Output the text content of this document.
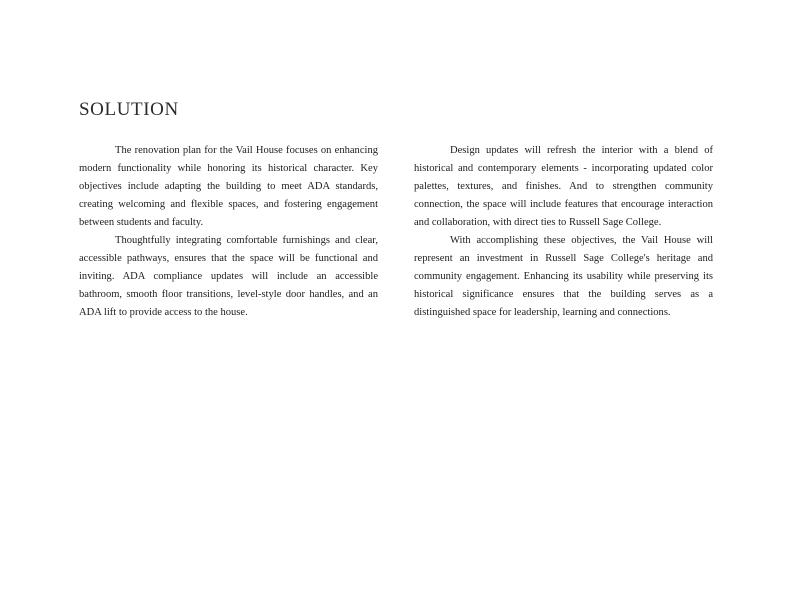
SOLUTION

The renovation plan for the Vail House focuses on enhancing modern functionality while honoring its historical character. Key objectives include adapting the building to meet ADA standards, creating welcoming and flexible spaces, and fostering engagement between students and faculty.

Thoughtfully integrating comfortable furnishings and clear, accessible pathways, ensures that the space will be functional and inviting. ADA compliance updates will include an accessible bathroom, smooth floor transitions, level-style door handles, and an ADA lift to provide access to the house.

Design updates will refresh the interior with a blend of historical and contemporary elements - incorporating updated color palettes, textures, and finishes. And to strengthen community connection, the space will include features that encourage interaction and collaboration, with direct ties to Russell Sage College.

With accomplishing these objectives, the Vail House will represent an investment in Russell Sage College's heritage and community engagement. Enhancing its usability while preserving its historical significance ensures that the building serves as a distinguished space for leadership, learning and connections.
